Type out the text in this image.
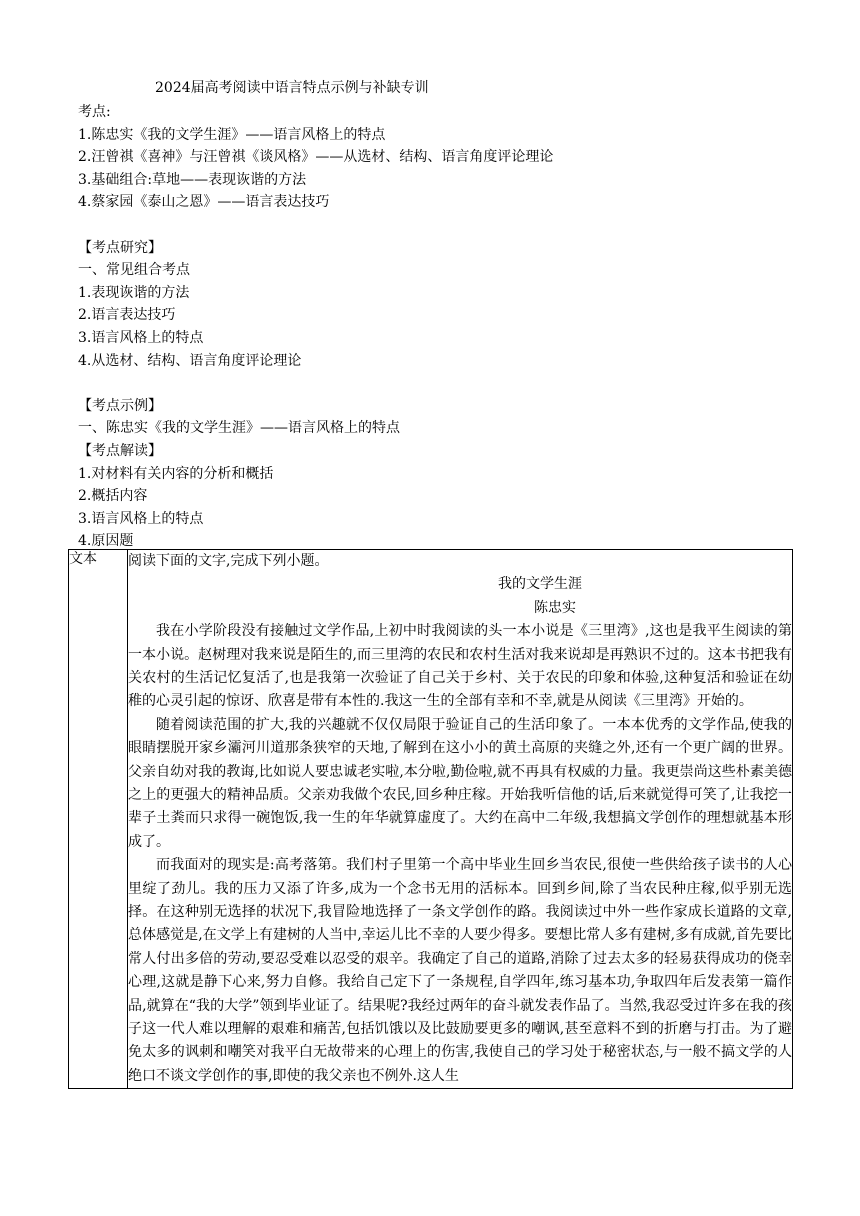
2024届高考阅读中语言特点示例与补缺专训
考点:
1.陈忠实《我的文学生涯》——语言风格上的特点
2.汪曾祺《喜神》与汪曾祺《谈风格》——从选材、结构、语言角度评论理论
3.基础组合:草地——表现诙谐的方法
4.蔡家园《泰山之恩》——语言表达技巧
【考点研究】
一、常见组合考点
1.表现诙谐的方法
2.语言表达技巧
3.语言风格上的特点
4.从选材、结构、语言角度评论理论
【考点示例】
一、陈忠实《我的文学生涯》——语言风格上的特点
【考点解读】
1.对材料有关内容的分析和概括
2.概括内容
3.语言风格上的特点
4.原因题
文本	阅读下面的文字,完成下列小题。
我的文学生涯
陈忠实
我在小学阶段没有接触过文学作品,上初中时我阅读的头一本小说是《三里湾》,这也是我平生阅读的第一本小说。赵树理对我来说是陌生的,而三里湾的农民和农村生活对我来说却是再熟识不过的。这本书把我有关农村的生活记忆复活了,也是我第一次验证了自己关于乡村、关于农民的印象和体验,这种复活和验证在幼稚的心灵引起的惊讶、欣喜是带有本性的.我这一生的全部有幸和不幸,就是从阅读《三里湾》开始的。
随着阅读范围的扩大,我的兴趣就不仅仅局限于验证自己的生活印象了。一本本优秀的文学作品,使我的眼睛摆脱开家乡灞河川道那条狭窄的天地,了解到在这小小的黄土高原的夹缝之外,还有一个更广阔的世界。父亲自幼对我的教诲,比如说人要忠诚老实啦,本分啦,勤俭啦,就不再具有权威的力量。我更崇尚这些朴素美德之上的更强大的精神品质。父亲劝我做个农民,回乡种庄稼。开始我听信他的话,后来就觉得可笑了,让我挖一辈子土粪而只求得一碗饱饭,我一生的年华就算虚度了。大约在高中二年级,我想搞文学创作的理想就基本形成了。
而我面对的现实是:高考落第。我们村子里第一个高中毕业生回乡当农民,很使一些供给孩子读书的人心里绽了劲儿。我的压力又添了许多,成为一个念书无用的活标本。回到乡间,除了当农民种庄稼,似乎别无选择。在这种别无选择的状况下,我冒险地选择了一条文学创作的路。我阅读过中外一些作家成长道路的文章,总体感觉是,在文学上有建树的人当中,幸运儿比不幸的人要少得多。要想比常人多有建树,多有成就,首先要比常人付出多倍的劳动,要忍受难以忍受的艰辛。我确定了自己的道路,消除了过去太多的轻易获得成功的侥幸心理,这就是静下心来,努力自修。我给自己定下了一条规程,自学四年,练习基本功,争取四年后发表第一篇作品,就算在“我的大学”领到毕业证了。结果呢?我经过两年的奋斗就发表作品了。当然,我忍受过许多在我的孩子这一代人难以理解的艰难和痛苦,包括饥饿以及比鼓励要更多的嘲讽,甚至意料不到的折磨与打击。为了避免太多的讽刺和嘲笑对我平白无故带来的心理上的伤害,我使自己的学习处于秘密状态,与一般不搞文学的人绝口不谈文学创作的事,即使的我父亲也不例外.这人生
